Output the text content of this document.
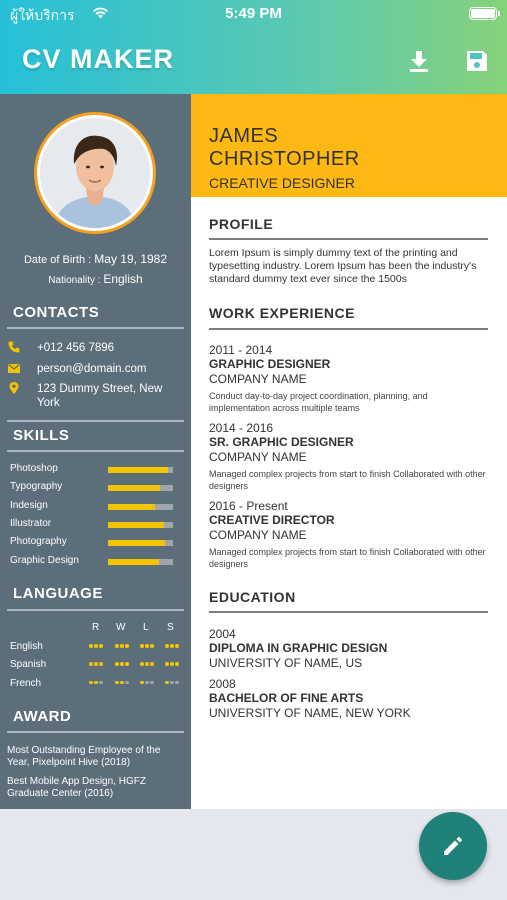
ผู้ให้บริการ	5:49 PM
CV MAKER
Date of Birth : May 19, 1982
Nationality : English
CONTACTS
+012 456 7896
person@domain.com
123 Dummy Street, New York
SKILLS
Photoshop
Typography
Indesign
Illustrator
Photography
Graphic Design
LANGUAGE
R W L S
English
Spanish
French
AWARD
Most Outstanding Employee of the Year, Pixelpoint Hive (2018)
Best Mobile App Design, HGFZ Graduate Center (2016)
JAMES
CHRISTOPHER
CREATIVE DESIGNER
PROFILE
Lorem Ipsum is simply dummy text of the printing and typesetting industry. Lorem Ipsum has been the industry's standard dummy text ever since the 1500s
WORK EXPERIENCE
2011 - 2014
GRAPHIC DESIGNER
COMPANY NAME
Conduct day-to-day project coordination, planning, and implementation across multiple teams
2014 - 2016
SR. GRAPHIC DESIGNER
COMPANY NAME
Managed complex projects from start to finish Collaborated with other designers
2016 - Present
CREATIVE DIRECTOR
COMPANY NAME
Managed complex projects from start to finish Collaborated with other designers
EDUCATION
2004
DIPLOMA IN GRAPHIC DESIGN
UNIVERSITY OF NAME, US
2008
BACHELOR OF FINE ARTS
UNIVERSITY OF NAME, NEW YORK
